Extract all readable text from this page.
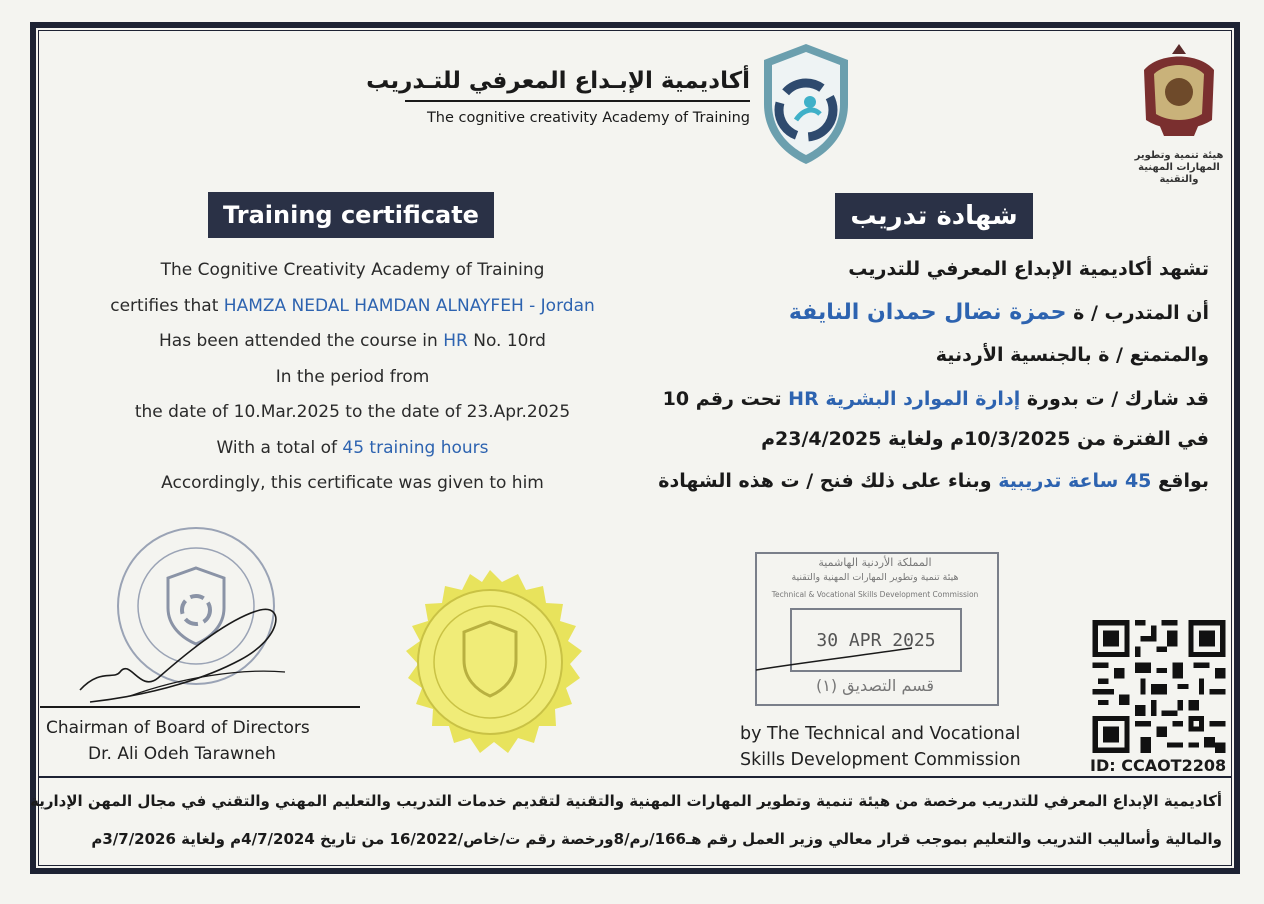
أكاديمية الإبـداع المعرفي للتـدريب
The cognitive creativity Academy of Training
هيئة تنمية وتطوير المهارات المهنية والتقنية
شهادة تدريب
Training certificate
The Cognitive Creativity Academy of Training
certifies that HAMZA NEDAL HAMDAN ALNAYFEH - Jordan
Has been attended the course in HR No. 10rd
In the period from
the date of 10.Mar.2025 to the date of 23.Apr.2025
With a total of 45 training hours
Accordingly, this certificate was given to him
تشهد أكاديمية الإبداع المعرفي للتدريب
أن المتدرب / ة حمزة نضال حمدان النايفة
والمتمتع / ة بالجنسية الأردنية
قد شارك / ت بدورة إدارة الموارد البشرية HR تحت رقم 10
في الفترة من 10/3/2025م ولغاية 23/4/2025م
بواقع 45 ساعة تدريبية وبناء على ذلك فنح / ت هذه الشهادة
Chairman of Board of Directors
Dr. Ali Odeh Tarawneh
المملكة الأردنية الهاشمية
هيئة تنمية وتطوير المهارات المهنية والتقنية
Technical & Vocational Skills Development Commission
30 APR 2025
قسم التصديق (١)
by The Technical and Vocational
Skills Development Commission	ID: CCAOT2208
أكاديمية الإبداع المعرفي للتدريب مرخصة من هيئة تنمية وتطوير المهارات المهنية والتقنية لتقديم خدمات التدريب والتعليم المهني والتقني في مجال المهن الإدارية
والمالية وأساليب التدريب والتعليم بموجب قرار معالي وزير العمل رقم هـ166/رم/8ورخصة رقم ت/خاص/16/2022 من تاريخ 4/7/2024م ولغاية 3/7/2026م
